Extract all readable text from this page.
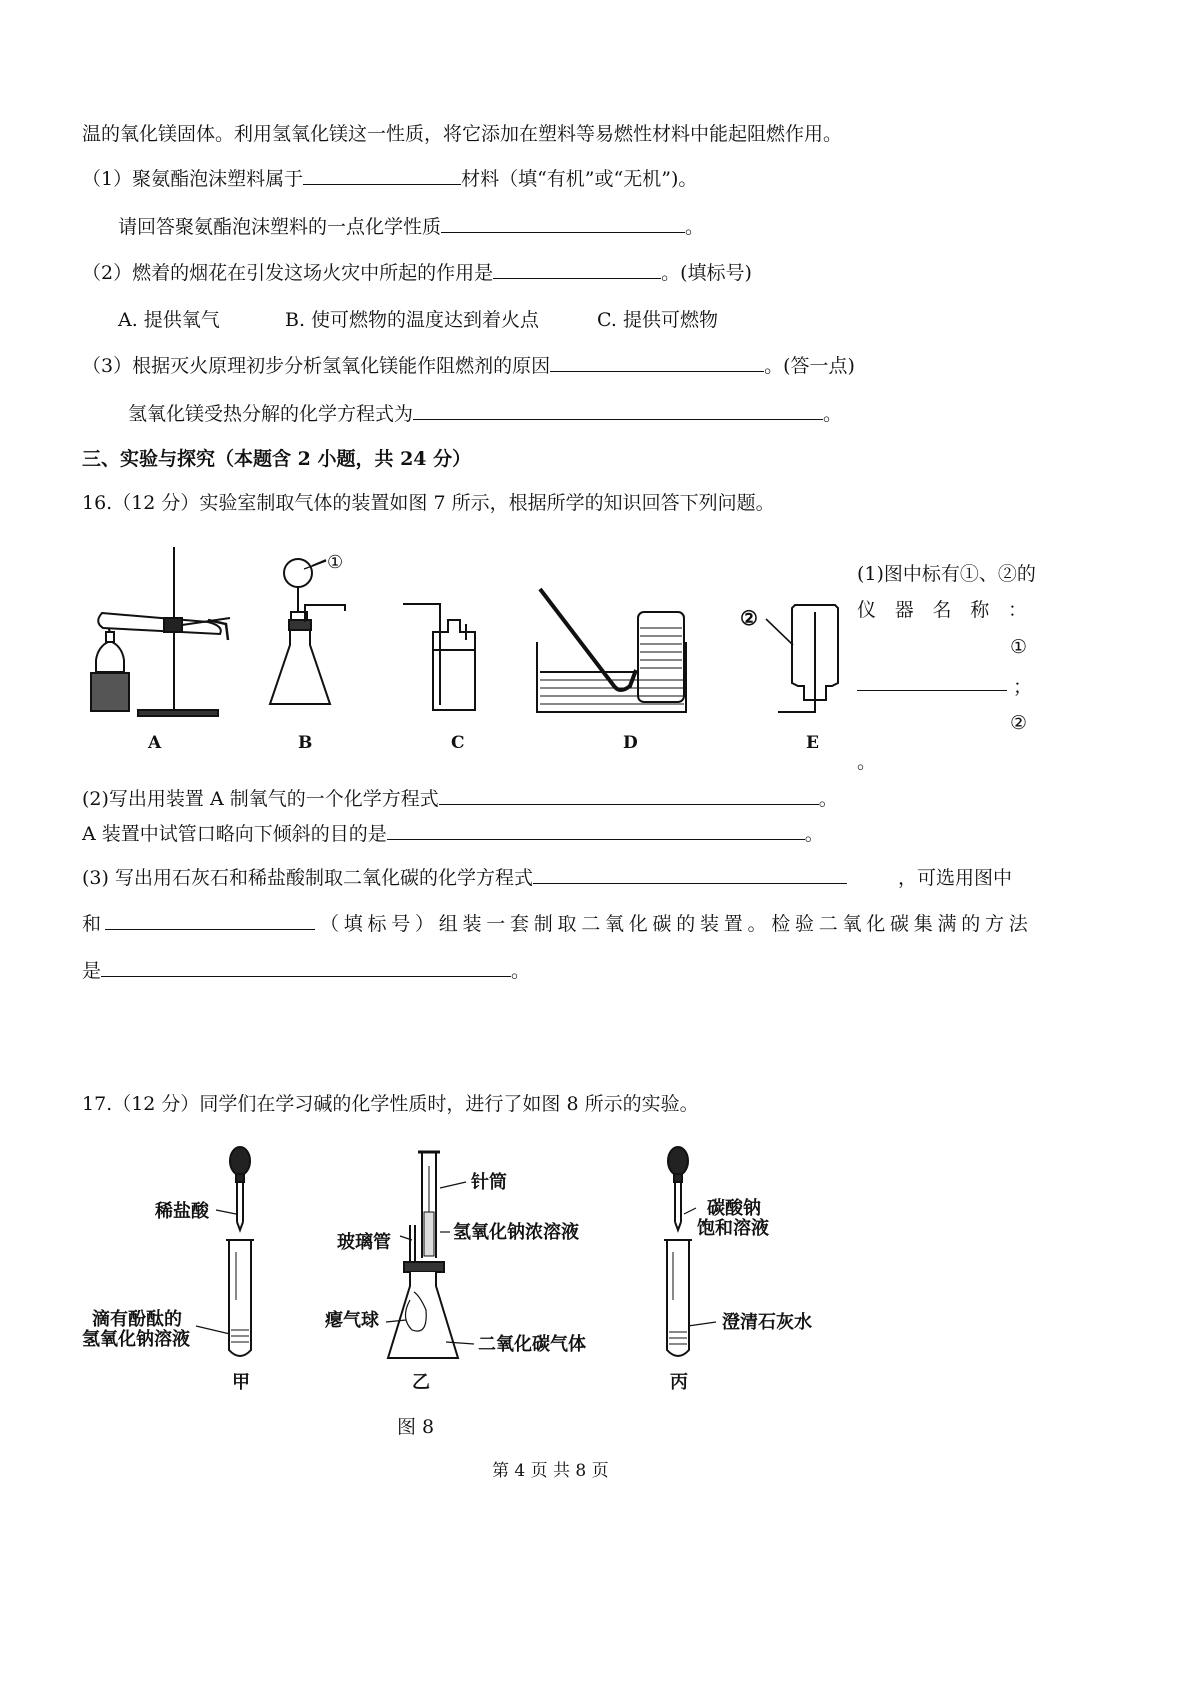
温的氧化镁固体。利用氢氧化镁这一性质，将它添加在塑料等易燃性材料中能起阻燃作用。
（1）聚氨酯泡沫塑料属于	材料（填“有机”或“无机”)。
请回答聚氨酯泡沫塑料的一点化学性质	。
（2）燃着的烟花在引发这场火灾中所起的作用是	。(填标号)
A. 提供氧气	B. 使可燃物的温度达到着火点	C. 提供可燃物
（3）根据灭火原理初步分析氢氧化镁能作阻燃剂的原因	。(答一点)
氢氧化镁受热分解的化学方程式为	。
三、实验与探究（本题含 2 小题，共 24 分）
16.（12 分）实验室制取气体的装置如图 7 所示，根据所学的知识回答下列问题。
①
②
A	B	C	D	E
(1)图中标有①、②的
仪 器 名 称 ：
①
；
②
。
(2)写出用装置 A 制氧气的一个化学方程式	。
A 装置中试管口略向下倾斜的目的是	。
(3) 写出用石灰石和稀盐酸制取二氧化碳的化学方程式	，可选用图中
和	（ 填 标 号 ） 组 装 一 套 制 取 二 氧 化 碳 的 装 置 。 检 验 二 氧 化 碳 集 满 的 方 法
是	。
17.（12 分）同学们在学习碱的化学性质时，进行了如图 8 所示的实验。
稀盐酸
滴有酚酞的
氢氧化钠溶液
甲
针筒
氢氧化钠浓溶液
玻璃管
瘪气球
二氧化碳气体
乙
碳酸钠
饱和溶液
澄清石灰水
丙
图 8
第 4 页 共 8 页
